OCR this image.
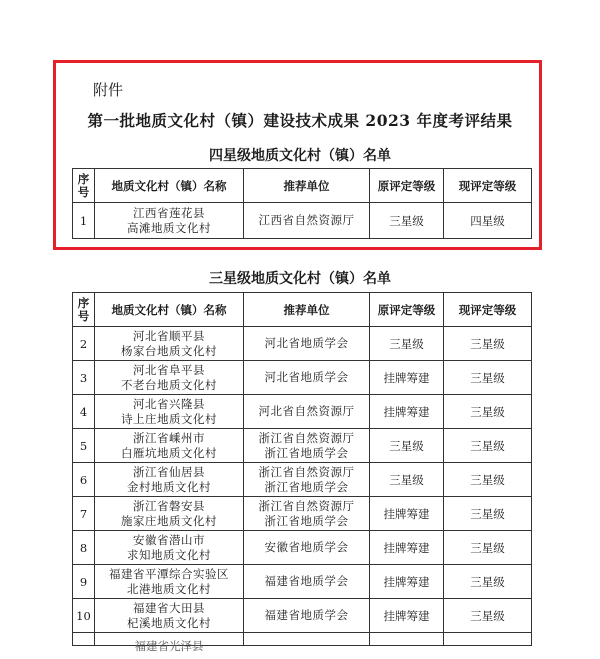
附件
第一批地质文化村（镇）建设技术成果 2023 年度考评结果
四星级地质文化村（镇）名单
序
号	地质文化村（镇）名称	推荐单位	原评定等级	现评定等级
1	江西省莲花县
高滩地质文化村	江西省自然资源厅	三星级	四星级
三星级地质文化村（镇）名单
序
号	地质文化村（镇）名称	推荐单位	原评定等级	现评定等级
2	河北省顺平县
杨家台地质文化村	河北省地质学会	三星级	三星级
3	河北省阜平县
不老台地质文化村	河北省地质学会	挂牌筹建	三星级
4	河北省兴隆县
诗上庄地质文化村	河北省自然资源厅	挂牌筹建	三星级
5	浙江省嵊州市
白雁坑地质文化村	浙江省自然资源厅
浙江省地质学会	三星级	三星级
6	浙江省仙居县
金村地质文化村	浙江省自然资源厅
浙江省地质学会	三星级	三星级
7	浙江省磐安县
施家庄地质文化村	浙江省自然资源厅
浙江省地质学会	挂牌筹建	三星级
8	安徽省潜山市
求知地质文化村	安徽省地质学会	挂牌筹建	三星级
9	福建省平潭综合实验区
北港地质文化村	福建省地质学会	挂牌筹建	三星级
10	福建省大田县
杞溪地质文化村	福建省地质学会	挂牌筹建	三星级

	福建省光泽县			
